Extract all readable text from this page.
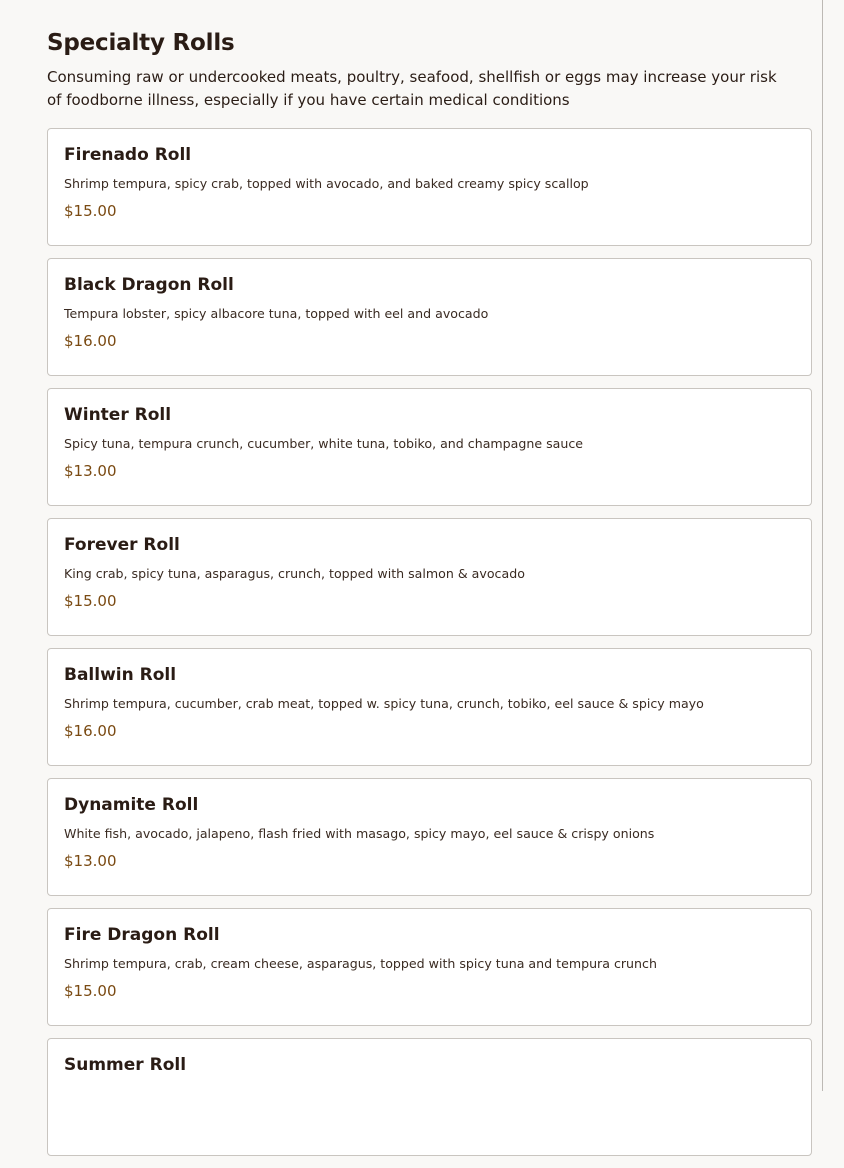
Specialty Rolls

Consuming raw or undercooked meats, poultry, seafood, shellfish or eggs may increase your risk of foodborne illness, especially if you have certain medical conditions

Firenado Roll

Shrimp tempura, spicy crab, topped with avocado, and baked creamy spicy scallop

$15.00

Black Dragon Roll

Tempura lobster, spicy albacore tuna, topped with eel and avocado

$16.00

Winter Roll

Spicy tuna, tempura crunch, cucumber, white tuna, tobiko, and champagne sauce

$13.00

Forever Roll

King crab, spicy tuna, asparagus, crunch, topped with salmon & avocado

$15.00

Ballwin Roll

Shrimp tempura, cucumber, crab meat, topped w. spicy tuna, crunch, tobiko, eel sauce & spicy mayo

$16.00

Dynamite Roll

White fish, avocado, jalapeno, flash fried with masago, spicy mayo, eel sauce & crispy onions

$13.00

Fire Dragon Roll

Shrimp tempura, crab, cream cheese, asparagus, topped with spicy tuna and tempura crunch

$15.00

Summer Roll
